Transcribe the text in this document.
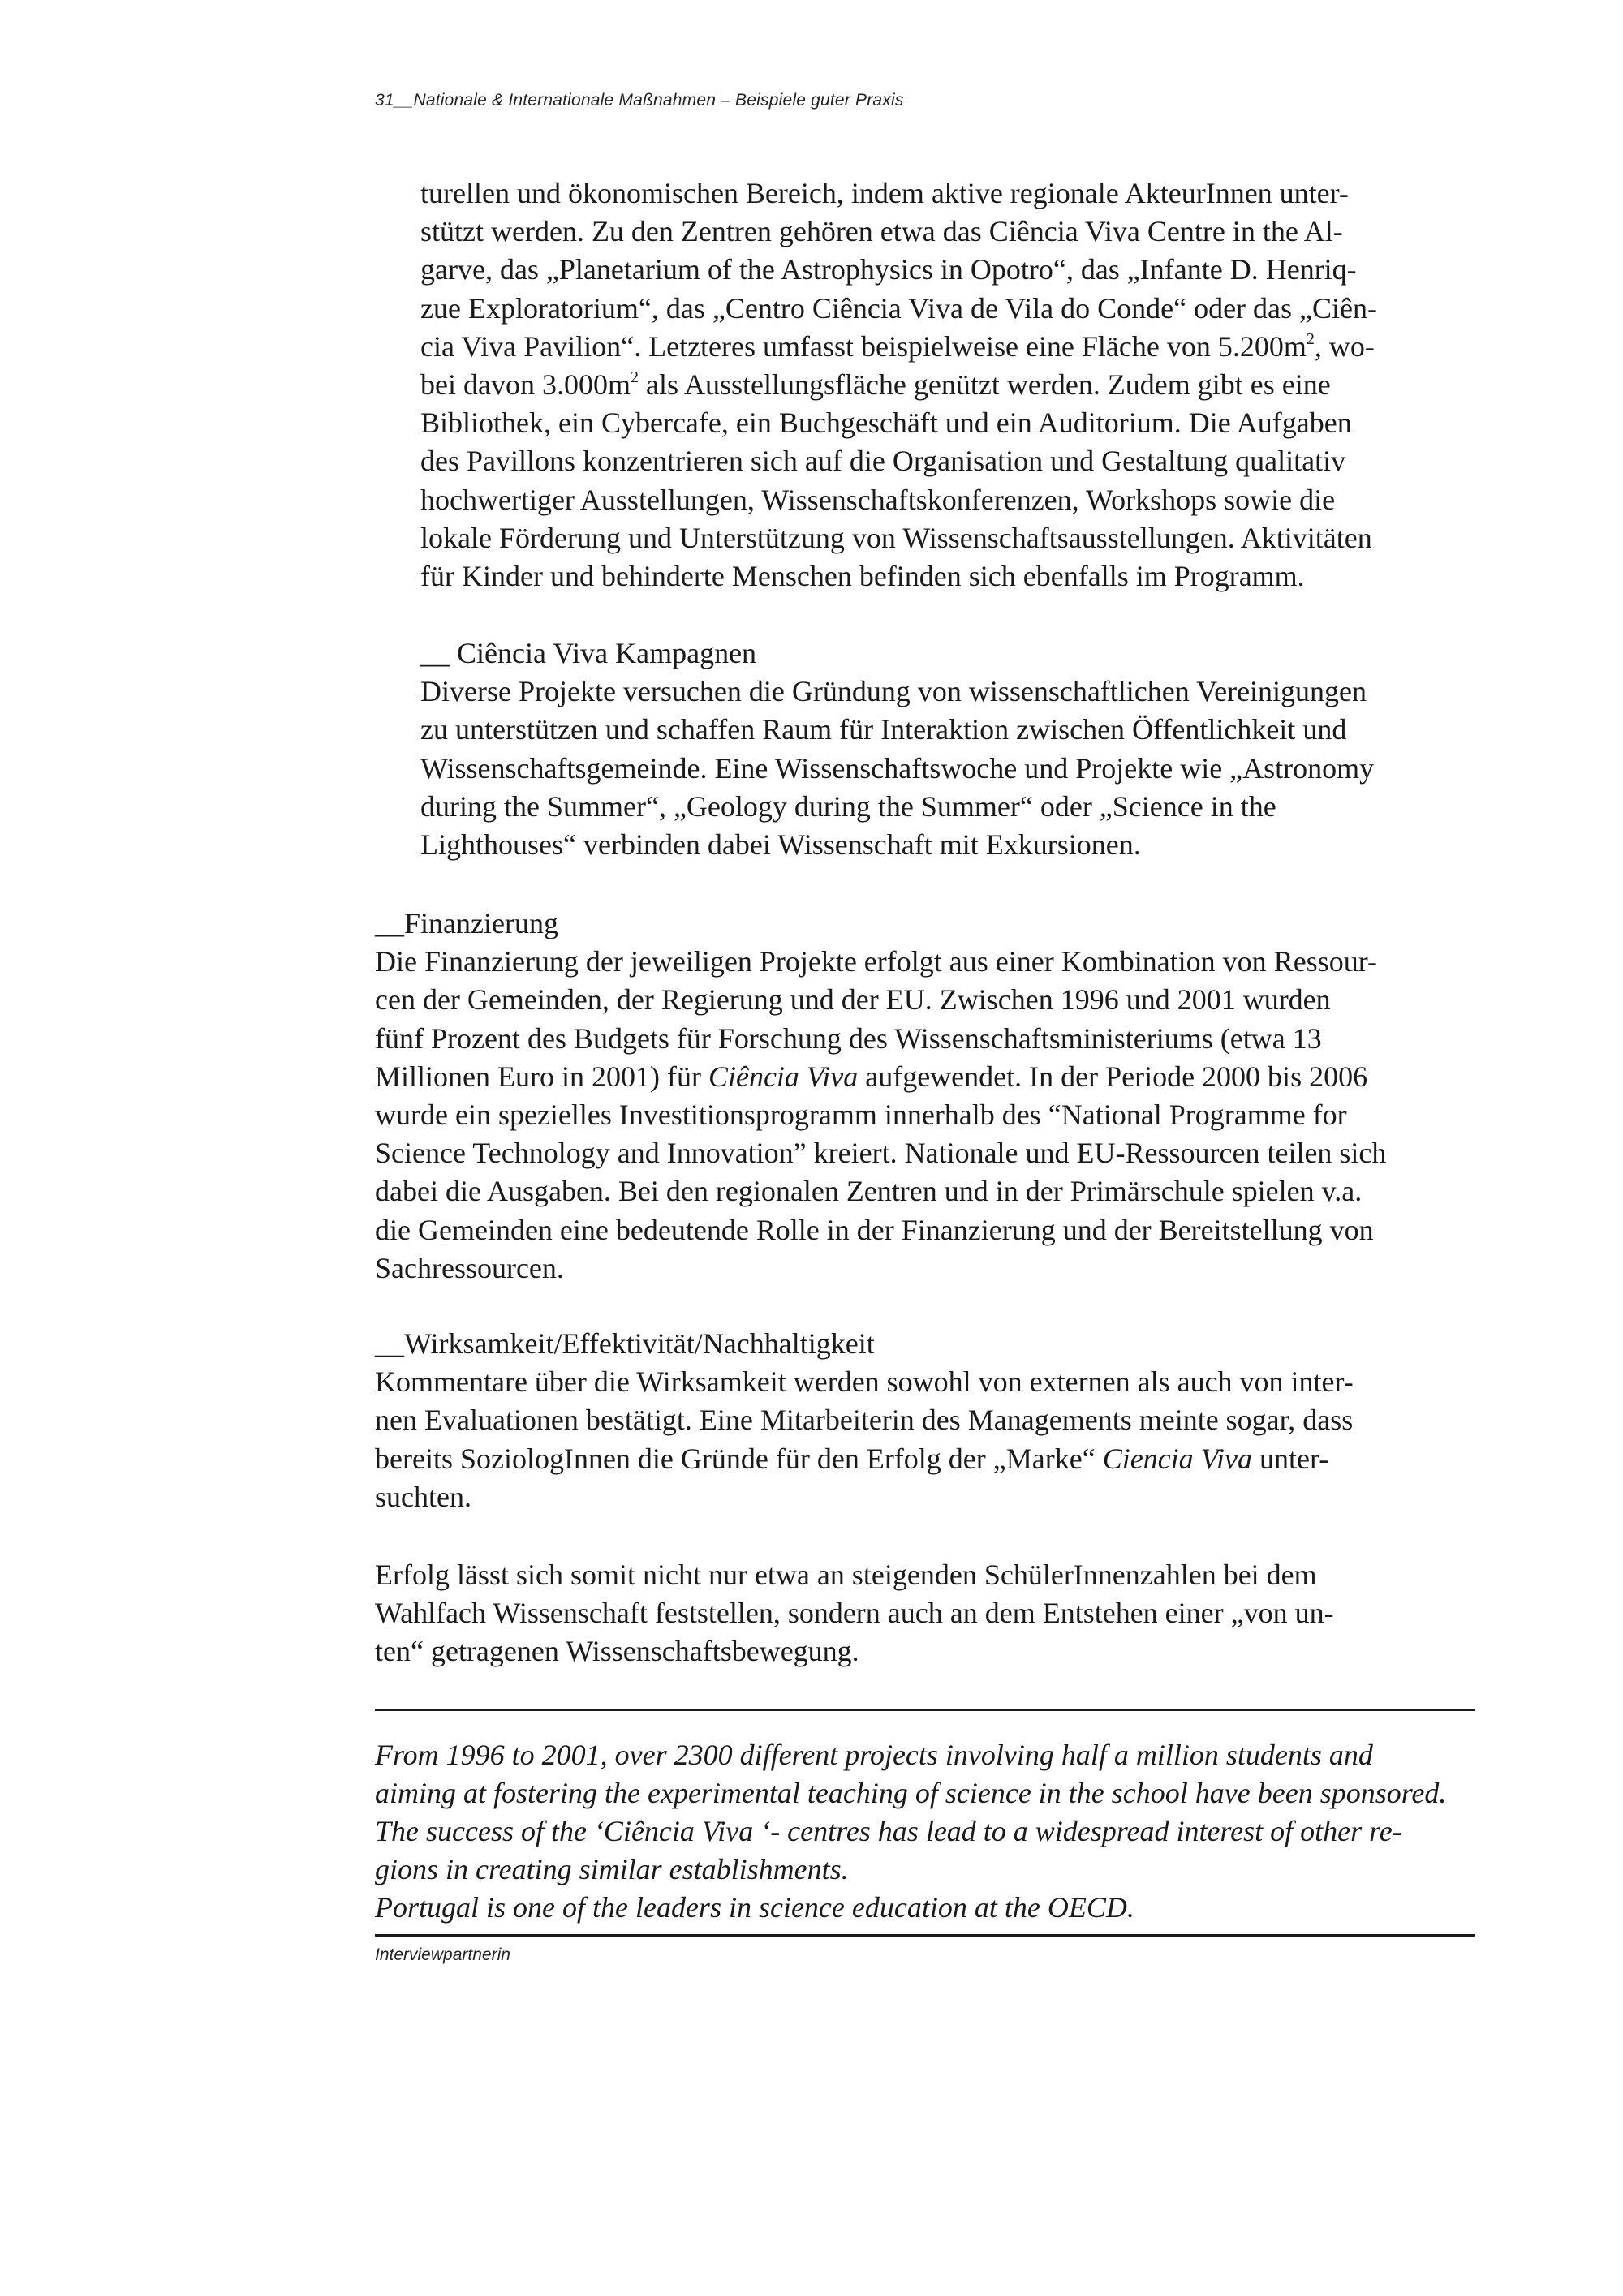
31__Nationale & Internationale Maßnahmen – Beispiele guter Praxis
turellen und ökonomischen Bereich, indem aktive regionale AkteurInnen unter-
stützt werden. Zu den Zentren gehören etwa das Ciência Viva Centre in the Al-
garve, das „Planetarium of the Astrophysics in Opotro“, das „Infante D. Henriq-
zue Exploratorium“, das „Centro Ciência Viva de Vila do Conde“ oder das „Ciên-
cia Viva Pavilion“. Letzteres umfasst beispielweise eine Fläche von $5.200m^2$, wo-
bei davon $3.000m^2$ als Ausstellungsfläche genützt werden. Zudem gibt es eine
Bibliothek, ein Cybercafe, ein Buchgeschäft und ein Auditorium. Die Aufgaben
des Pavillons konzentrieren sich auf die Organisation und Gestaltung qualitativ
hochwertiger Ausstellungen, Wissenschaftskonferenzen, Workshops sowie die
lokale Förderung und Unterstützung von Wissenschaftsausstellungen. Aktivitäten
für Kinder und behinderte Menschen befinden sich ebenfalls im Programm.
__ Ciência Viva Kampagnen
Diverse Projekte versuchen die Gründung von wissenschaftlichen Vereinigungen
zu unterstützen und schaffen Raum für Interaktion zwischen Öffentlichkeit und
Wissenschaftsgemeinde. Eine Wissenschaftswoche und Projekte wie „Astronomy
during the Summer“, „Geology during the Summer“ oder „Science in the
Lighthouses“ verbinden dabei Wissenschaft mit Exkursionen.
__Finanzierung
Die Finanzierung der jeweiligen Projekte erfolgt aus einer Kombination von Ressour-
cen der Gemeinden, der Regierung und der EU. Zwischen 1996 und 2001 wurden
fünf Prozent des Budgets für Forschung des Wissenschaftsministeriums (etwa 13
Millionen Euro in 2001) für Ciência Viva aufgewendet. In der Periode 2000 bis 2006
wurde ein spezielles Investitionsprogramm innerhalb des “National Programme for
Science Technology and Innovation” kreiert. Nationale und EU-Ressourcen teilen sich
dabei die Ausgaben. Bei den regionalen Zentren und in der Primärschule spielen v.a.
die Gemeinden eine bedeutende Rolle in der Finanzierung und der Bereitstellung von
Sachressourcen.
__Wirksamkeit/Effektivität/Nachhaltigkeit
Kommentare über die Wirksamkeit werden sowohl von externen als auch von inter-
nen Evaluationen bestätigt. Eine Mitarbeiterin des Managements meinte sogar, dass
bereits SoziologInnen die Gründe für den Erfolg der „Marke“ Ciencia Viva unter-
suchten.
Erfolg lässt sich somit nicht nur etwa an steigenden SchülerInnenzahlen bei dem
Wahlfach Wissenschaft feststellen, sondern auch an dem Entstehen einer „von un-
ten“ getragenen Wissenschaftsbewegung.
From 1996 to 2001, over 2300 different projects involving half a million students and
aiming at fostering the experimental teaching of science in the school have been sponsored.
The success of the ‘Ciência Viva ‘- centres has lead to a widespread interest of other re-
gions in creating similar establishments.
Portugal is one of the leaders in science education at the OECD.
Interviewpartnerin
